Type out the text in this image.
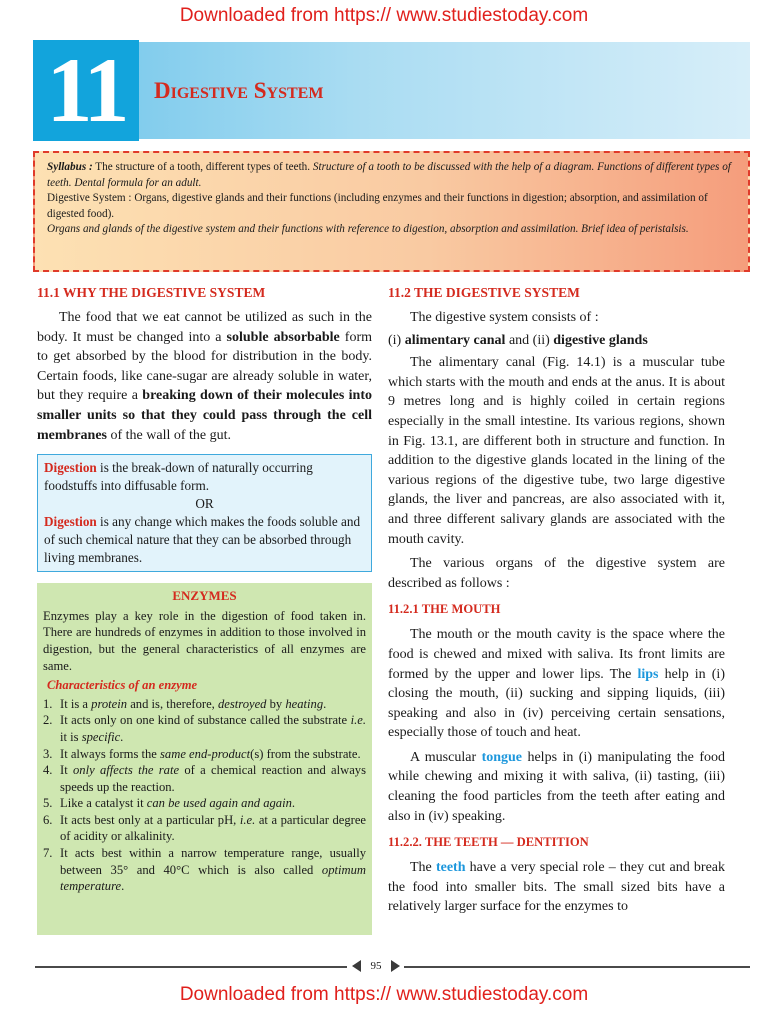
Downloaded from https:// www.studiestoday.com
11	Digestive System

Syllabus : The structure of a tooth, different types of teeth. Structure of a tooth to be discussed with the help of a diagram. Functions of different types of teeth. Dental formula for an adult.

Digestive System : Organs, digestive glands and their functions (including enzymes and their functions in digestion; absorption, and assimilation of digested food).

Organs and glands of the digestive system and their functions with reference to digestion, absorption and assimilation. Brief idea of peristalsis.

11.1 WHY THE DIGESTIVE SYSTEM

The food that we eat cannot be utilized as such in the body. It must be changed into a soluble absorbable form to get absorbed by the blood for distribution in the body. Certain foods, like cane-sugar are already soluble in water, but they require a breaking down of their molecules into smaller units so that they could pass through the cell membranes of the wall of the gut.

Digestion is the break-down of naturally occurring foodstuffs into diffusable form.
OR
Digestion is any change which makes the foods soluble and of such chemical nature that they can be absorbed through living membranes.
ENZYMES
Enzymes play a key role in the digestion of food taken in. There are hundreds of enzymes in addition to those involved in digestion, but the general characteristics of all enzymes are same.
Characteristics of an enzyme
1. It is a protein and is, therefore, destroyed by heating.
2. It acts only on one kind of substance called the substrate i.e. it is specific.
3. It always forms the same end-product(s) from the substrate.
4. It only affects the rate of a chemical reaction and always speeds up the reaction.
5. Like a catalyst it can be used again and again.
6. It acts best only at a particular pH, i.e. at a particular degree of acidity or alkalinity.
7. It acts best within a narrow temperature range, usually between 35° and 40°C which is also called optimum temperature.
11.2 THE DIGESTIVE SYSTEM

The digestive system consists of :

(i) alimentary canal and (ii) digestive glands

The alimentary canal (Fig. 14.1) is a muscular tube which starts with the mouth and ends at the anus. It is about 9 metres long and is highly coiled in certain regions especially in the small intestine. Its various regions, shown in Fig. 13.1, are different both in structure and function. In addition to the digestive glands located in the lining of the various regions of the digestive tube, two large digestive glands, the liver and pancreas, are also associated with it, and three different salivary glands are associated with the mouth cavity.

The various organs of the digestive system are described as follows :

11.2.1 THE MOUTH

The mouth or the mouth cavity is the space where the food is chewed and mixed with saliva. Its front limits are formed by the upper and lower lips. The lips help in (i) closing the mouth, (ii) sucking and sipping liquids, (iii) speaking and also in (iv) perceiving certain sensations, especially those of touch and heat.

A muscular tongue helps in (i) manipulating the food while chewing and mixing it with saliva, (ii) tasting, (iii) cleaning the food particles from the teeth after eating and also in (iv) speaking.

11.2.2. THE TEETH — DENTITION

The teeth have a very special role – they cut and break the food into smaller bits. The small sized bits have a relatively larger surface for the enzymes to

95
Downloaded from https:// www.studiestoday.com
